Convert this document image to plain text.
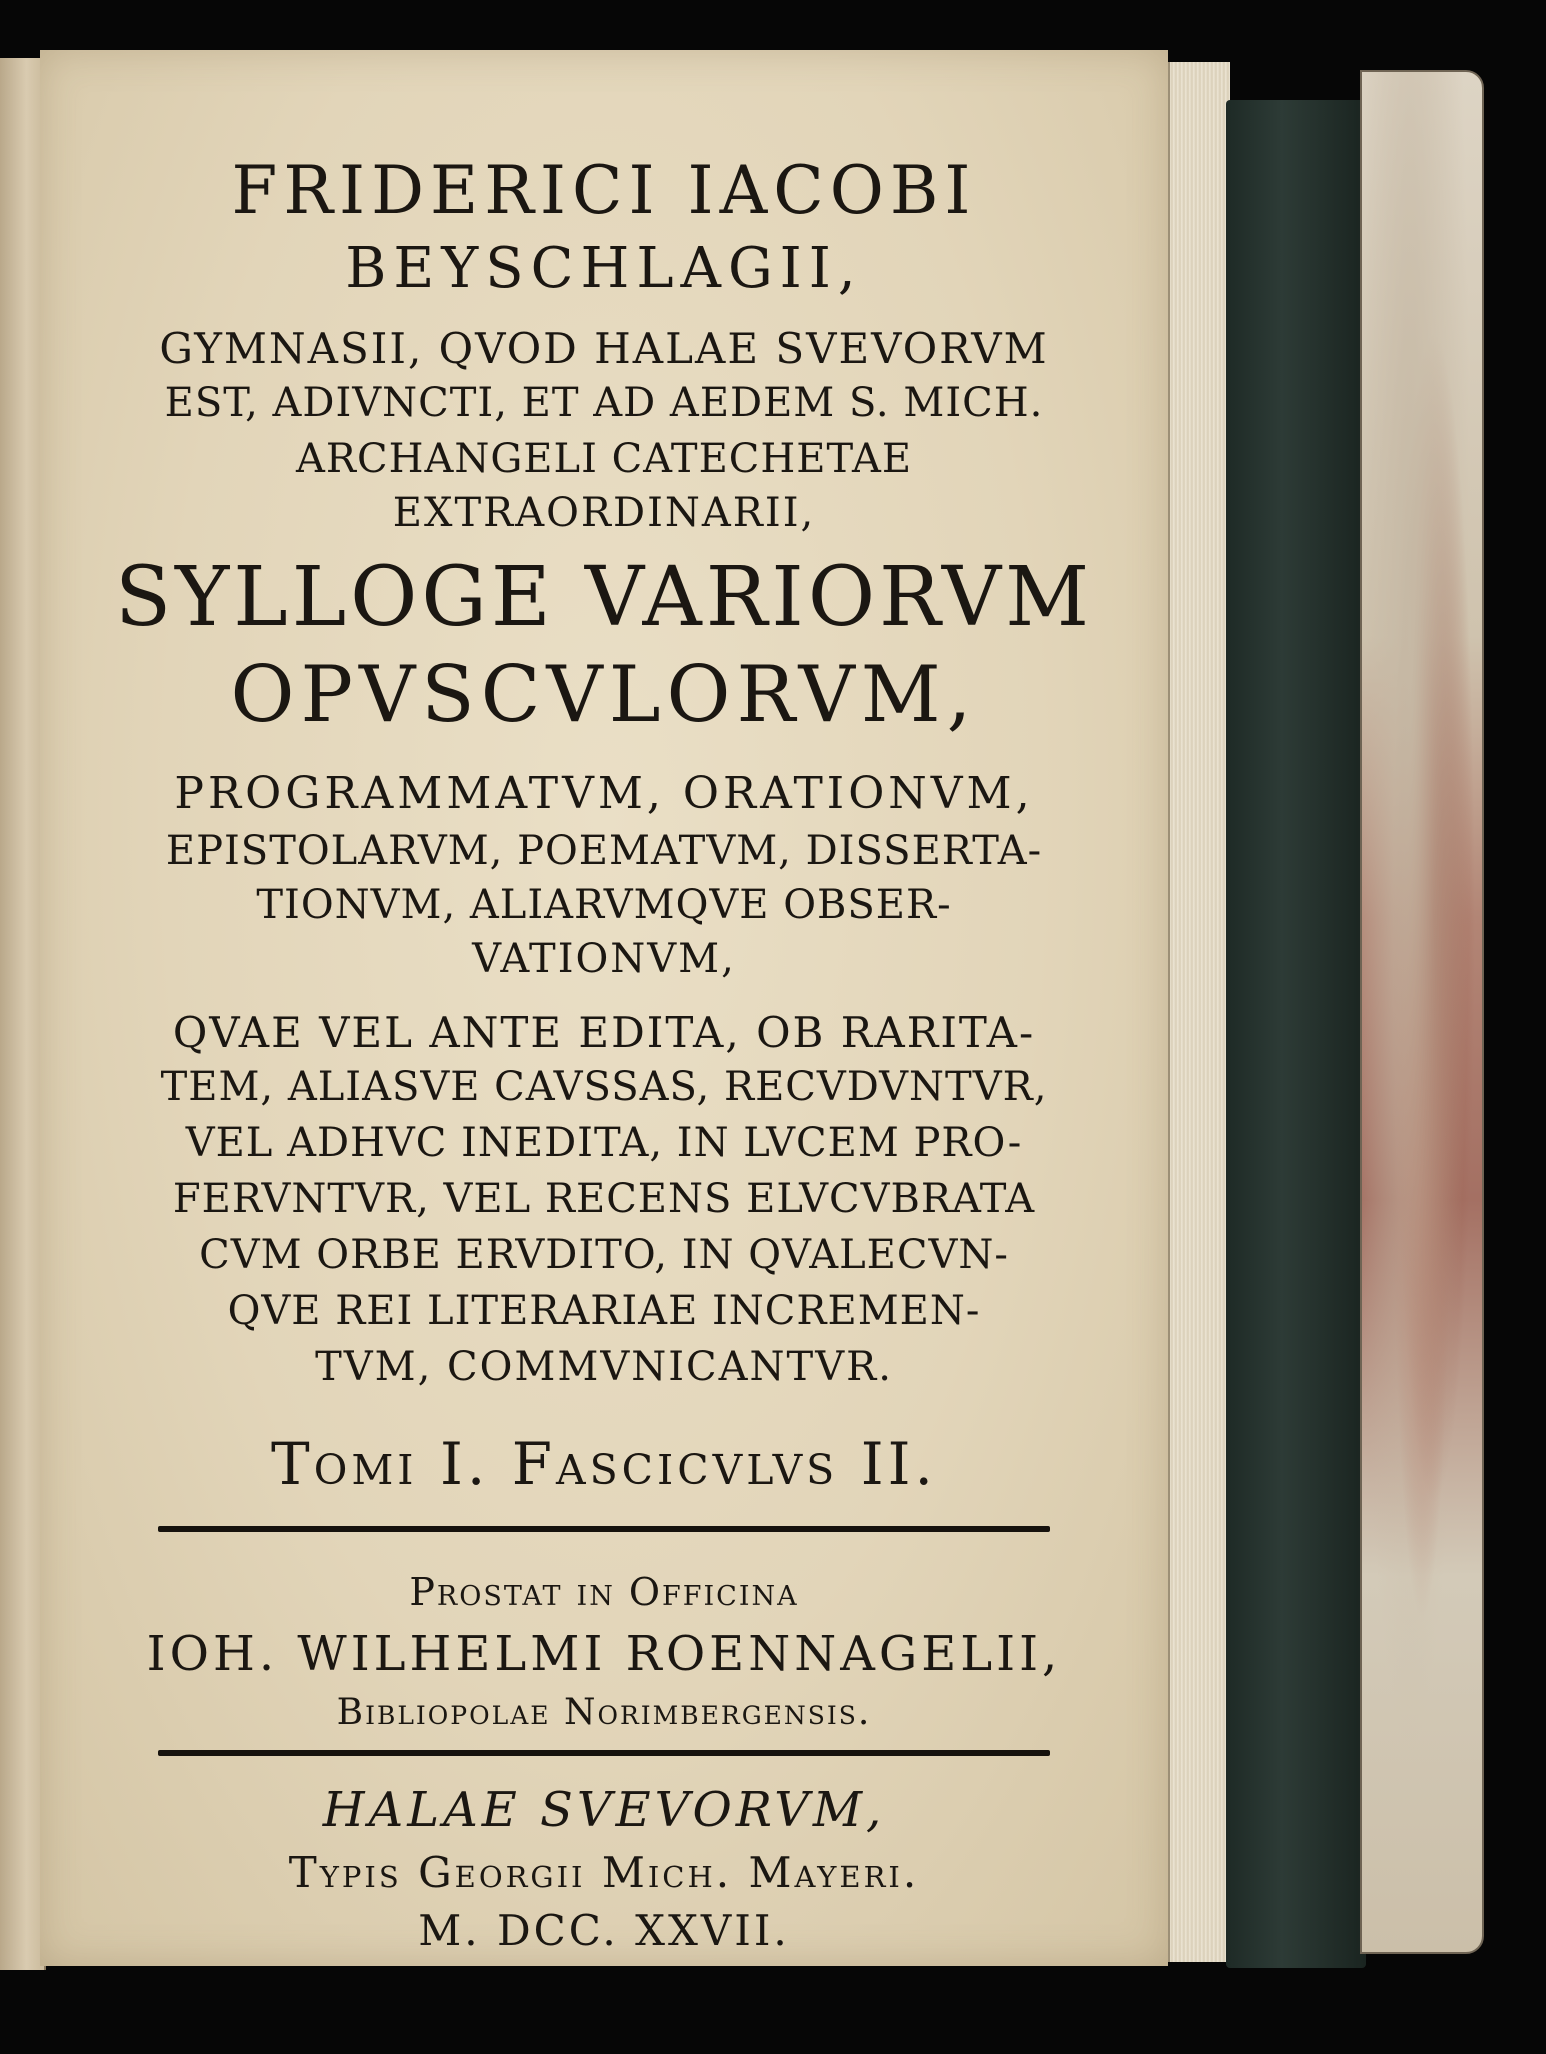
FRIDERICI IACOBI
BEYSCHLAGII,
GYMNASII, QVOD HALAE SVEVORVM
EST, ADIVNCTI, ET AD AEDEM S. MICH.
ARCHANGELI CATECHETAE
EXTRAORDINARII,
SYLLOGE VARIORVM
OPVSCVLORVM,
PROGRAMMATVM, ORATIONVM,
EPISTOLARVM, POEMATVM, DISSERTA-
TIONVM, ALIARVMQVE OBSER-
VATIONVM,
QVAE VEL ANTE EDITA, OB RARITA-
TEM, ALIASVE CAVSSAS, RECVDVNTVR,
VEL ADHVC INEDITA, IN LVCEM PRO-
FERVNTVR, VEL RECENS ELVCVBRATA
CVM ORBE ERVDITO, IN QVALECVN-
QVE REI LITERARIAE INCREMEN-
TVM, COMMVNICANTVR.
Tomi I. Fascicvlvs II.
Prostat in Officina
IOH. WILHELMI ROENNAGELII,
Bibliopolae Norimbergensis.
HALAE SVEVORVM,
Typis Georgii Mich. Mayeri.
M. DCC. XXVII.
